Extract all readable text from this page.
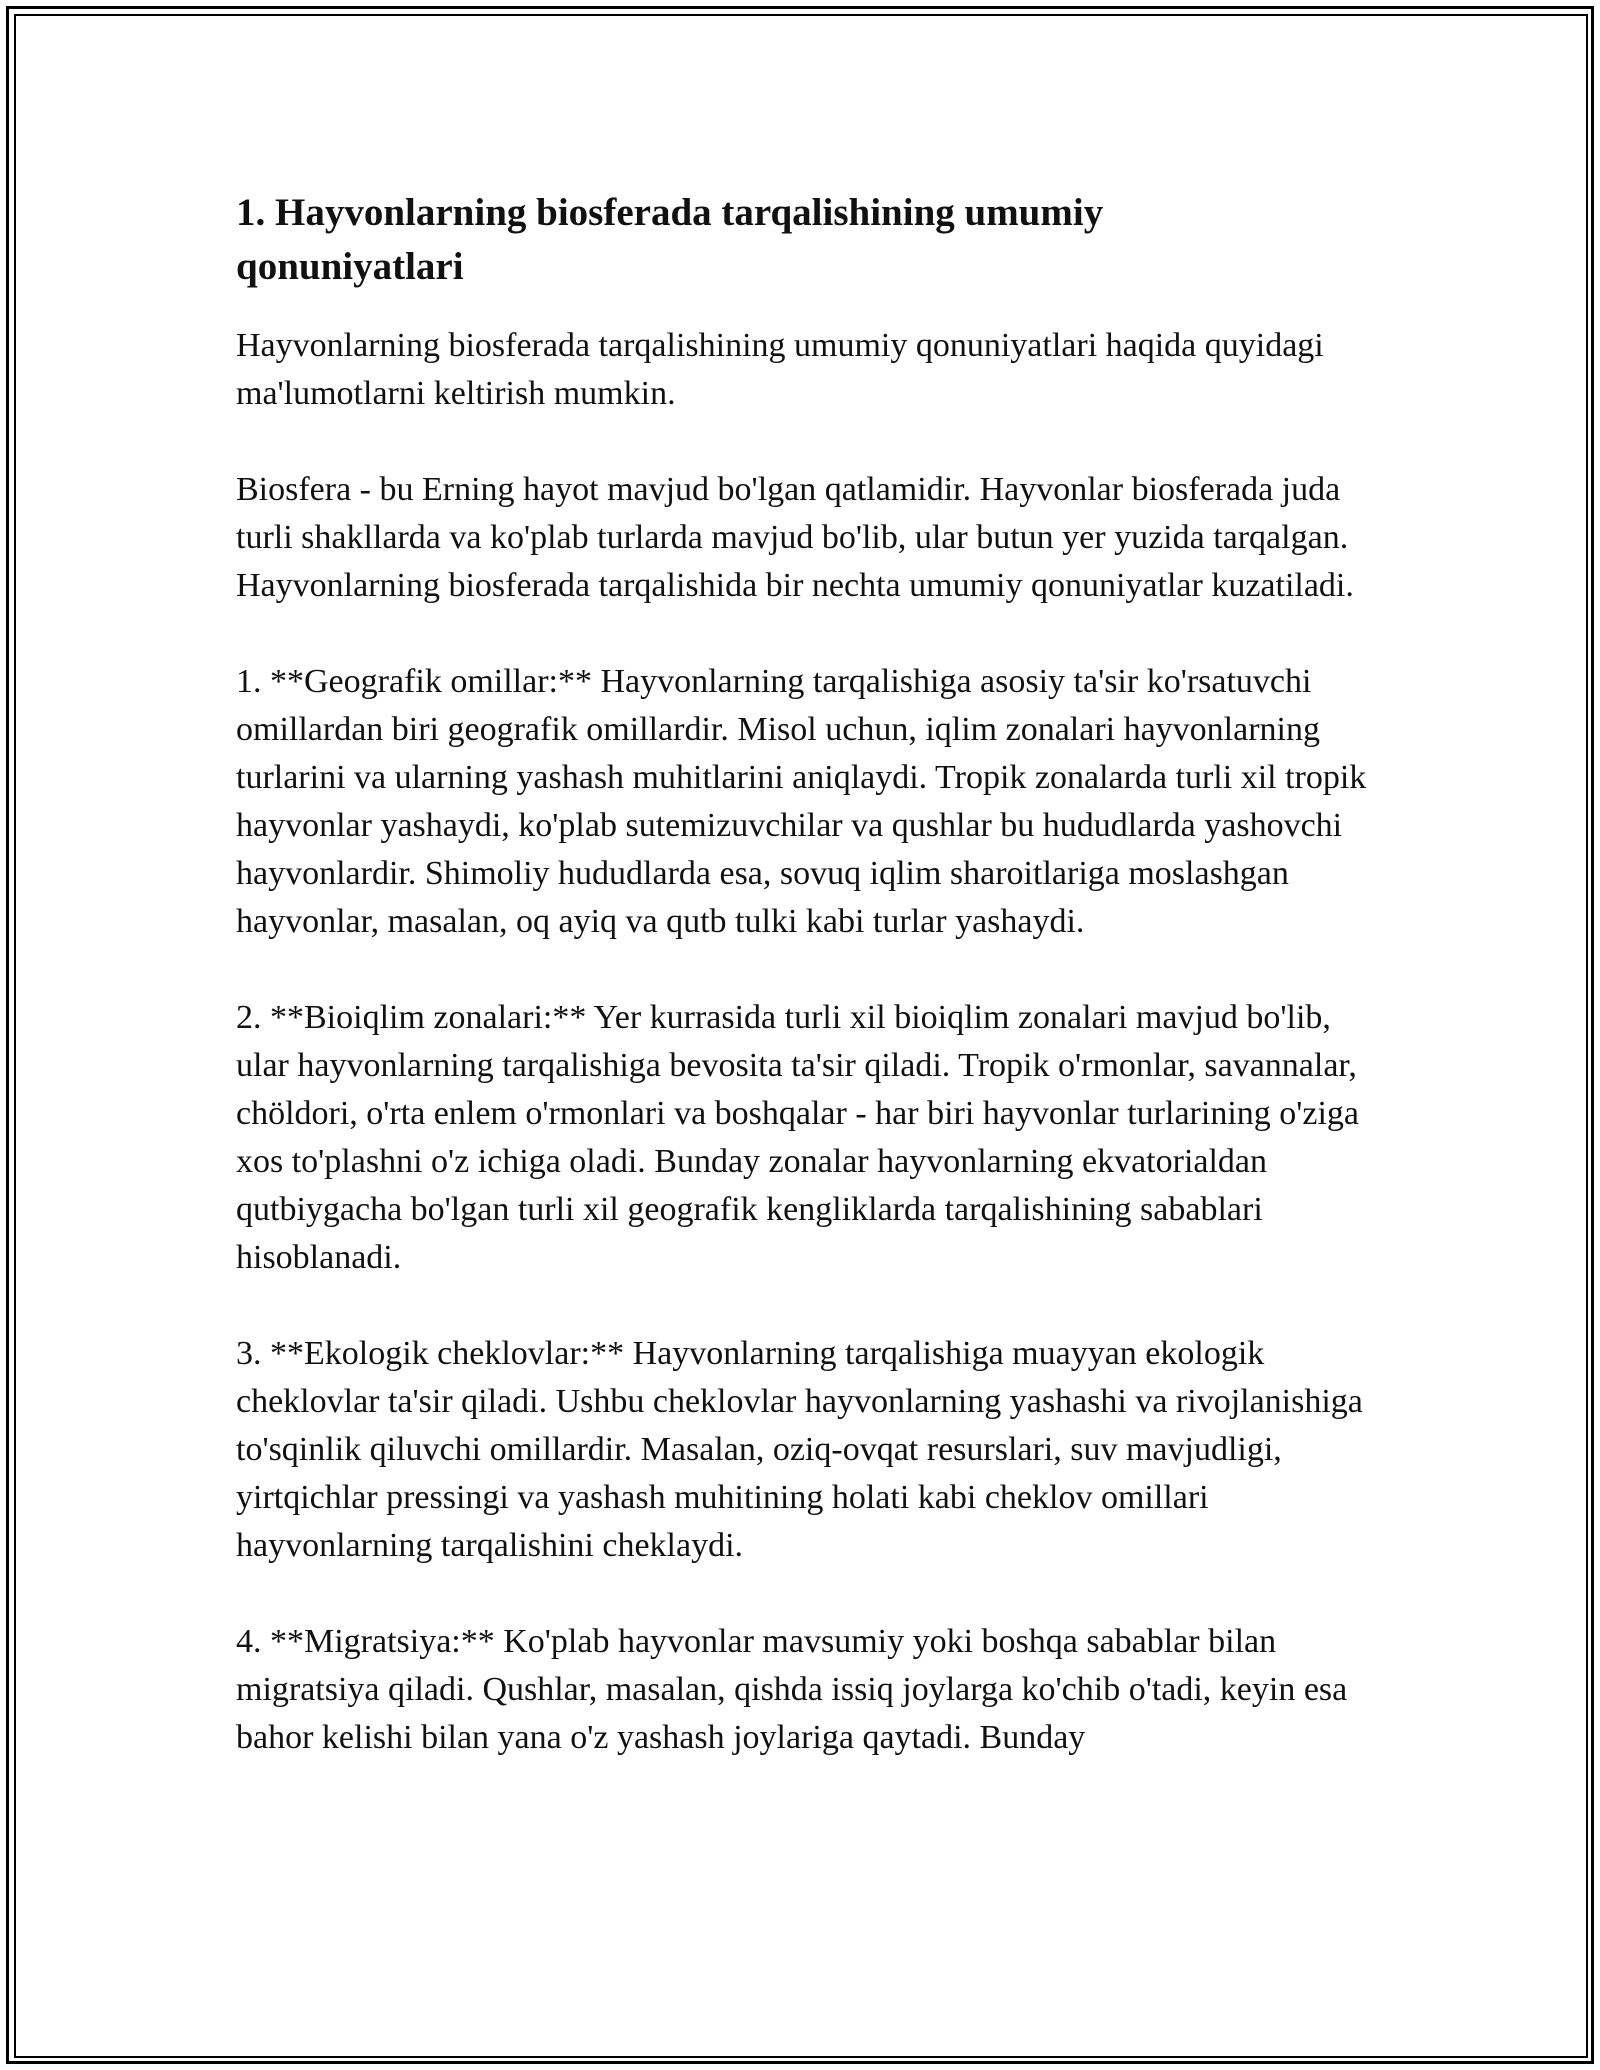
1. Hayvonlarning biosferada tarqalishining umumiy qonuniyatlari

Hayvonlarning biosferada tarqalishining umumiy qonuniyatlari haqida quyidagi ma'lumotlarni keltirish mumkin.

Biosfera - bu Erning hayot mavjud bo'lgan qatlamidir. Hayvonlar biosferada juda turli shakllarda va ko'plab turlarda mavjud bo'lib, ular butun yer yuzida tarqalgan. Hayvonlarning biosferada tarqalishida bir nechta umumiy qonuniyatlar kuzatiladi.

1. **Geografik omillar:** Hayvonlarning tarqalishiga asosiy ta'sir ko'rsatuvchi omillardan biri geografik omillardir. Misol uchun, iqlim zonalari hayvonlarning turlarini va ularning yashash muhitlarini aniqlaydi. Tropik zonalarda turli xil tropik hayvonlar yashaydi, ko'plab sutemizuvchilar va qushlar bu hududlarda yashovchi hayvonlardir. Shimoliy hududlarda esa, sovuq iqlim sharoitlariga moslashgan hayvonlar, masalan, oq ayiq va qutb tulki kabi turlar yashaydi.

2. **Bioiqlim zonalari:** Yer kurrasida turli xil bioiqlim zonalari mavjud bo'lib, ular hayvonlarning tarqalishiga bevosita ta'sir qiladi. Tropik o'rmonlar, savannalar, chöldori, o'rta enlem o'rmonlari va boshqalar - har biri hayvonlar turlarining o'ziga xos to'plashni o'z ichiga oladi. Bunday zonalar hayvonlarning ekvatorialdan qutbiygacha bo'lgan turli xil geografik kengliklarda tarqalishining sabablari hisoblanadi.

3. **Ekologik cheklovlar:** Hayvonlarning tarqalishiga muayyan ekologik cheklovlar ta'sir qiladi. Ushbu cheklovlar hayvonlarning yashashi va rivojlanishiga to'sqinlik qiluvchi omillardir. Masalan, oziq-ovqat resurslari, suv mavjudligi, yirtqichlar pressingi va yashash muhitining holati kabi cheklov omillari hayvonlarning tarqalishini cheklaydi.

4. **Migratsiya:** Ko'plab hayvonlar mavsumiy yoki boshqa sabablar bilan migratsiya qiladi. Qushlar, masalan, qishda issiq joylarga ko'chib o'tadi, keyin esa bahor kelishi bilan yana o'z yashash joylariga qaytadi. Bunday
